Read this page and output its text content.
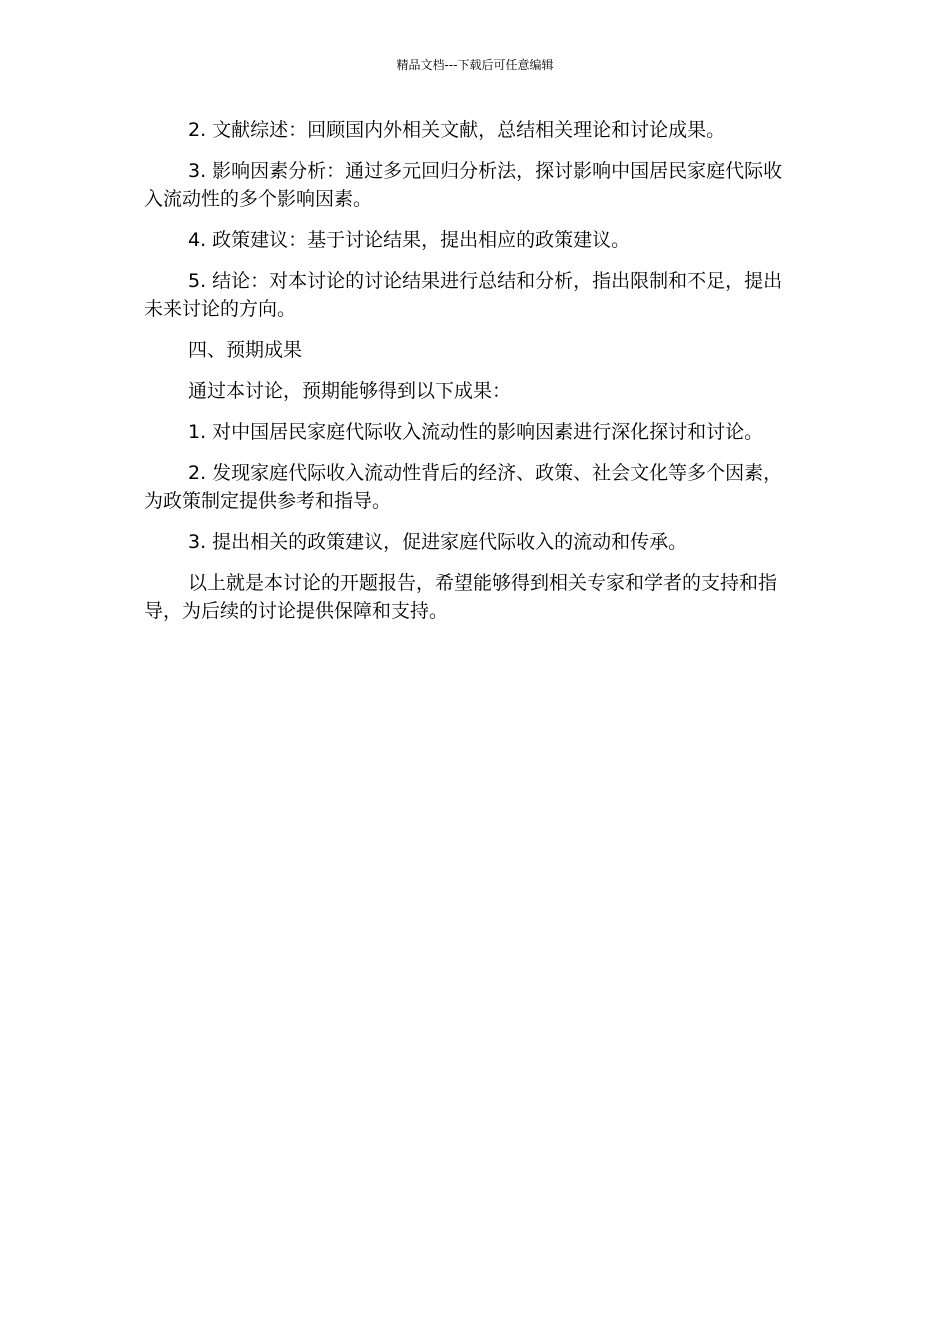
精品文档---下载后可任意编辑

2. 文献综述：回顾国内外相关文献，总结相关理论和讨论成果。

3. 影响因素分析：通过多元回归分析法，探讨影响中国居民家庭代际收入流动性的多个影响因素。

4. 政策建议：基于讨论结果，提出相应的政策建议。

5. 结论：对本讨论的讨论结果进行总结和分析，指出限制和不足，提出未来讨论的方向。

四、预期成果

通过本讨论，预期能够得到以下成果：

1. 对中国居民家庭代际收入流动性的影响因素进行深化探讨和讨论。

2. 发现家庭代际收入流动性背后的经济、政策、社会文化等多个因素，为政策制定提供参考和指导。

3. 提出相关的政策建议，促进家庭代际收入的流动和传承。

以上就是本讨论的开题报告，希望能够得到相关专家和学者的支持和指导，为后续的讨论提供保障和支持。
